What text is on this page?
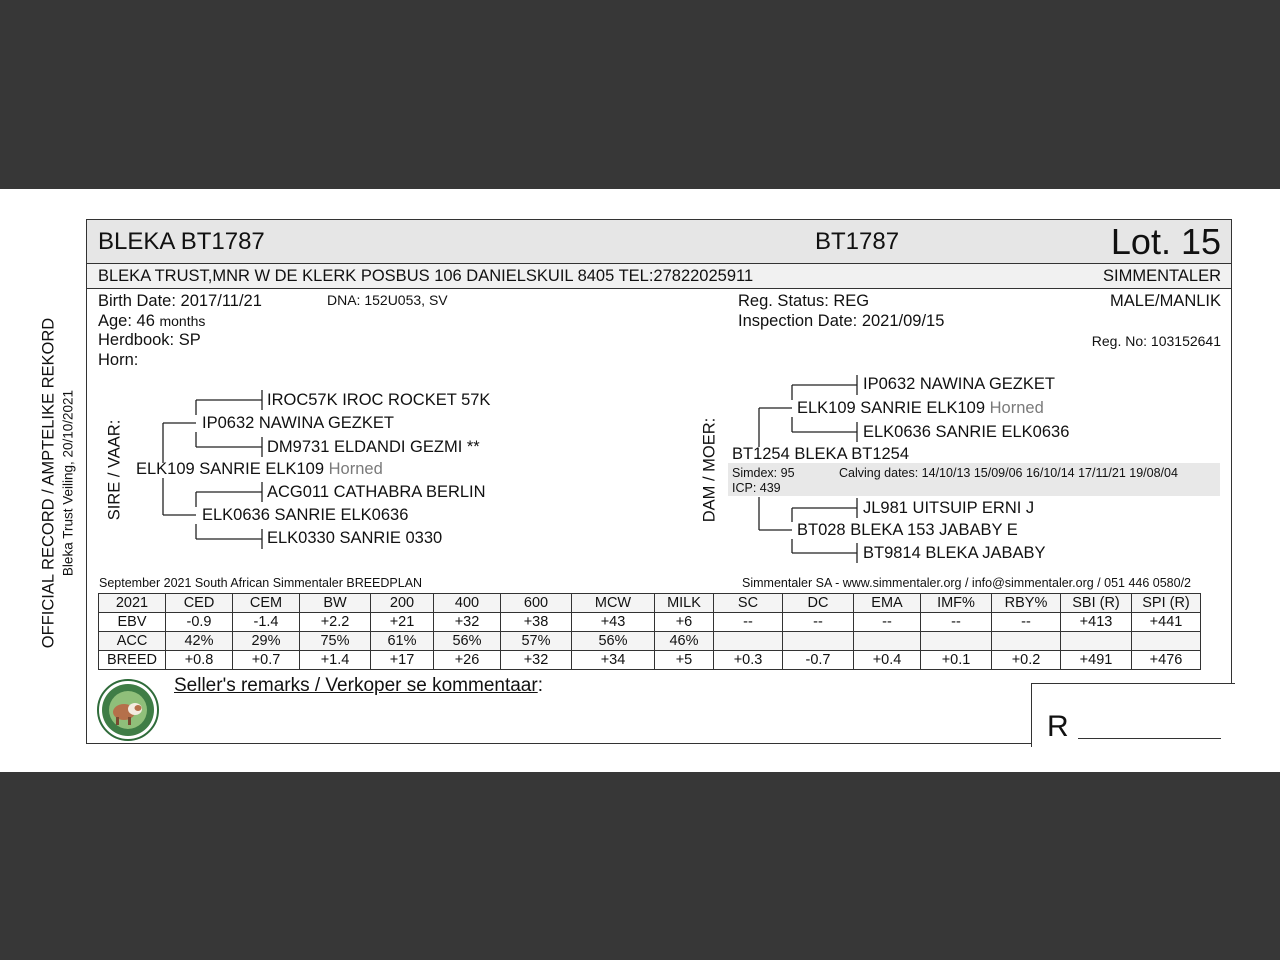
OFFICIAL RECORD / AMPTELIKE REKORD Bleka Trust Veiling, 20/10/2021
BLEKA BT1787	BT1787	Lot. 15
BLEKA TRUST,MNR W DE KLERK POSBUS 106 DANIELSKUIL 8405 TEL:27822025911	SIMMENTALER
Birth Date: 2017/11/21	DNA: 152U053, SV
Age: 46 months
Herdbook: SP
Horn:
Reg. Status: REG
Inspection Date: 2021/09/15
MALE/MANLIK
Reg. No: 103152641
SIRE / VAAR:
IROC57K IROC ROCKET 57K
IP0632 NAWINA GEZKET
DM9731 ELDANDI GEZMI **
ELK109 SANRIE ELK109 Horned
ACG011 CATHABRA BERLIN
ELK0636 SANRIE ELK0636
ELK0330 SANRIE 0330
DAM / MOER:
IP0632 NAWINA GEZKET
ELK109 SANRIE ELK109 Horned
ELK0636 SANRIE ELK0636
BT1254 BLEKA BT1254
Simdex: 95	Calving dates: 14/10/13 15/09/06 16/10/14 17/11/21 19/08/04
ICP: 439
JL981 UITSUIP ERNI J
BT028 BLEKA 153 JABABY E
BT9814 BLEKA JABABY
September 2021 South African Simmentaler BREEDPLAN	Simmentaler SA - www.simmentaler.org / info@simmentaler.org / 051 446 0580/2
2021	CED	CEM	BW	200	400	600	MCW	MILK	SC	DC	EMA	IMF%	RBY%	SBI (R)	SPI (R)
EBV	-0.9	-1.4	+2.2	+21	+32	+38	+43	+6	--	--	--	--	--	+413	+441
ACC	42%	29%	75%	61%	56%	57%	56%	46%							
BREED	+0.8	+0.7	+1.4	+17	+26	+32	+34	+5	+0.3	-0.7	+0.4	+0.1	+0.2	+491	+476
Seller's remarks / Verkoper se kommentaar:
R
